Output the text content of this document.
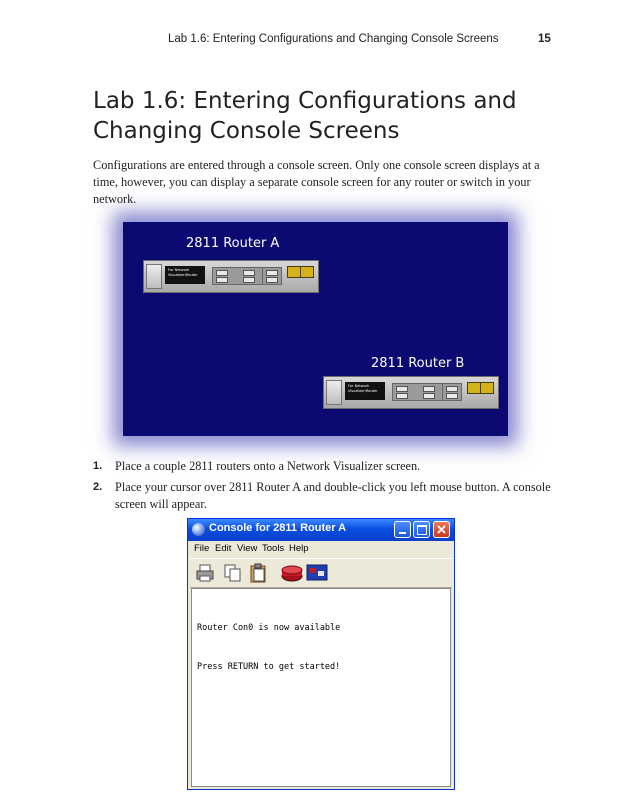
Lab 1.6: Entering Configurations and Changing Console Screens	15
Lab 1.6: Entering Configurations and Changing Console Screens

Configurations are entered through a console screen. Only one console screen displays at a time, however, you can display a separate console screen for any router or switch in your network.

2811 Router A
For Network Visualizer/Router
2811 Router B
For Network Visualizer/Router
1. Place a couple 2811 routers onto a Network Visualizer screen.
2. Place your cursor over 2811 Router A and double-click you left mouse button. A console screen will appear.
Console for 2811 Router A
File Edit View Tools Help
Router Con0 is now available
Press RETURN to get started!
